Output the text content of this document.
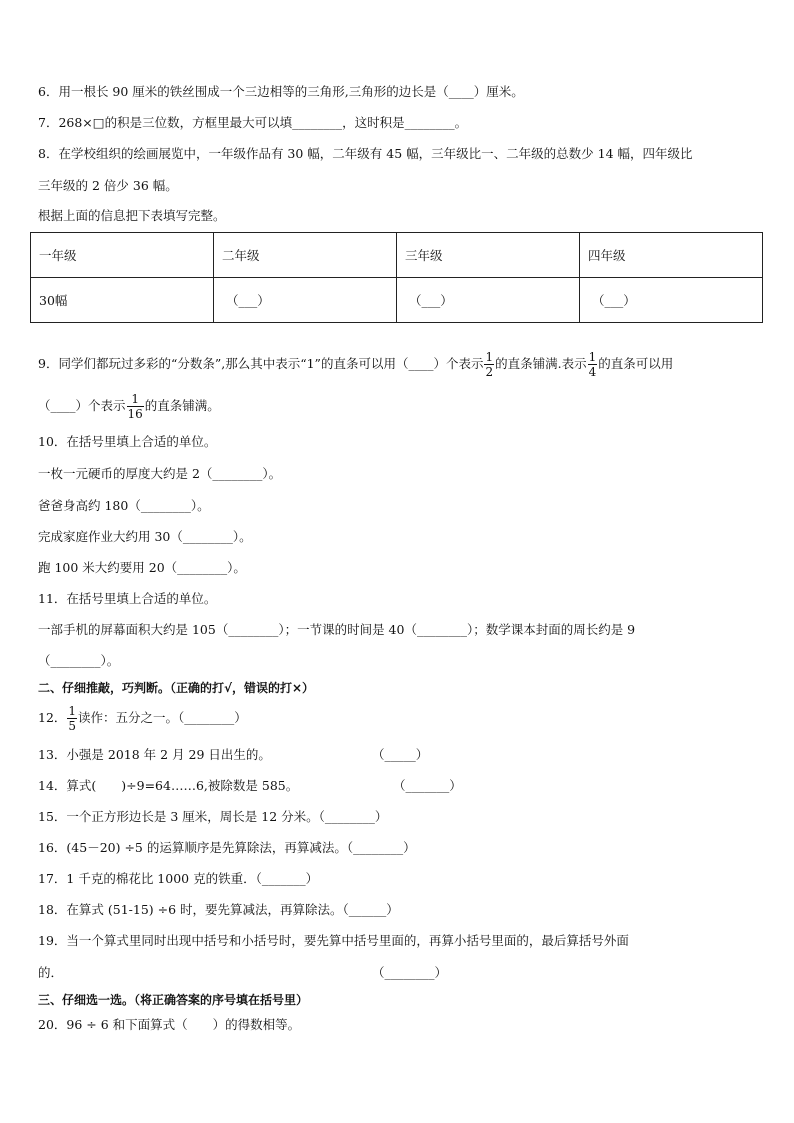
6．用一根长 90 厘米的铁丝围成一个三边相等的三角形,三角形的边长是（____）厘米。
7．268×□的积是三位数，方框里最大可以填________，这时积是________。
8．在学校组织的绘画展览中，一年级作品有 30 幅，二年级有 45 幅，三年级比一、二年级的总数少 14 幅，四年级比
三年级的 2 倍少 36 幅。
根据上面的信息把下表填写完整。
一年级	二年级	三年级	四年级
30幅	（___）	（___）	（___）
9．同学们都玩过多彩的“分数条”,那么其中表示“1”的直条可以用（____）个表示 $\frac{1}{2}$ 的直条铺满.表示 $\frac{1}{4}$ 的直条可以用
（____）个表示 $\frac{1}{16}$ 的直条铺满。
10．在括号里填上合适的单位。
一枚一元硬币的厚度大约是 2（________）。
爸爸身高约 180（________）。
完成家庭作业大约用 30（________）。
跑 100 米大约要用 20（________）。
11．在括号里填上合适的单位。
一部手机的屏幕面积大约是 105（________）；一节课的时间是 40（________）；数学课本封面的周长约是 9
（________）。
二、仔细推敲，巧判断。（正确的打√，错误的打×）
12． $\frac{1}{5}$ 读作：五分之一。（________）
13．小强是 2018 年 2 月 29 日出生的。	（_____）
14．算式(　　)÷9=64……6,被除数是 585。	（_______）
15．一个正方形边长是 3 厘米，周长是 12 分米。（________）
16．(45－20) ÷5 的运算顺序是先算除法，再算减法。（________）
17．1 千克的棉花比 1000 克的铁重．（_______）
18．在算式 (51-15) ÷6 时，要先算减法，再算除法。（______）
19．当一个算式里同时出现中括号和小括号时，要先算中括号里面的，再算小括号里面的，最后算括号外面
的．	（________）
三、仔细选一选。（将正确答案的序号填在括号里）
20．96 ÷ 6 和下面算式（　　）的得数相等。
